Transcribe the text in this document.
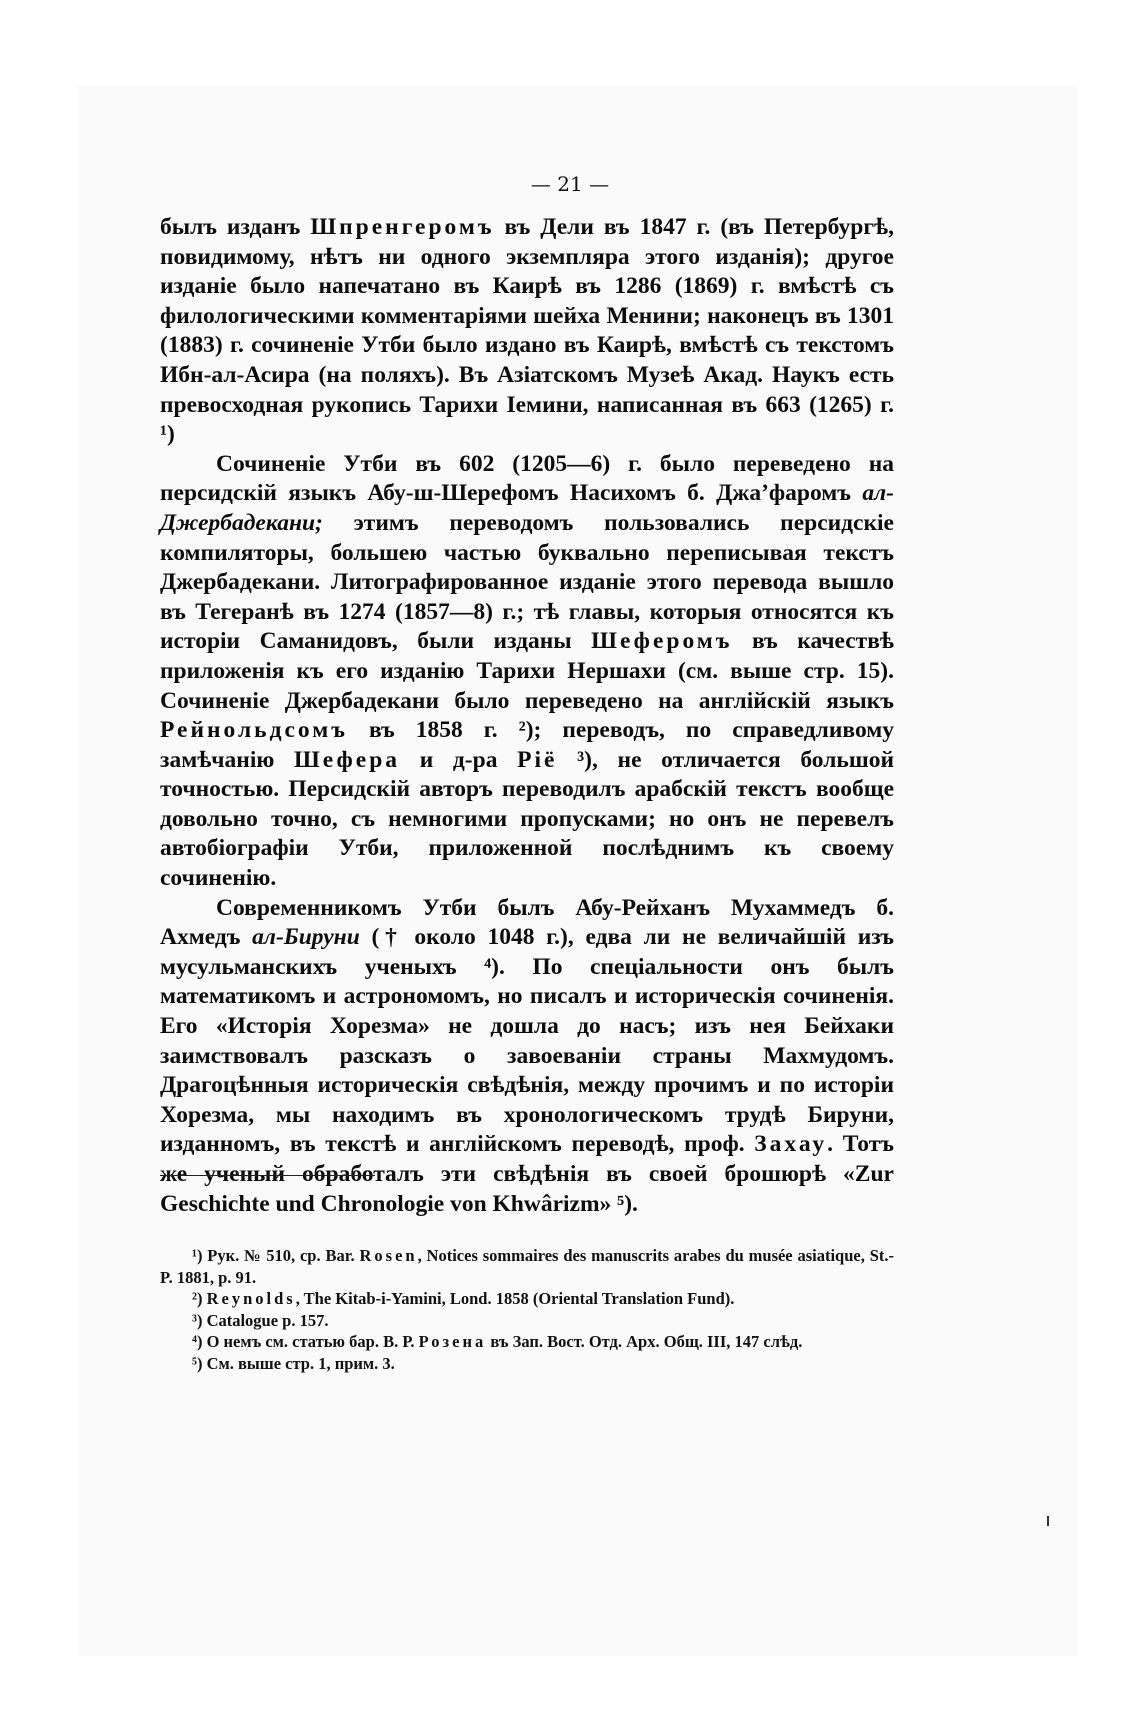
— 21 —

былъ изданъ Шпренгеромъ въ Дели въ 1847 г. (въ Петербургѣ, повидимому, нѣтъ ни одного экземпляра этого изданія); другое изданіе было напечатано въ Каирѣ въ 1286 (1869) г. вмѣстѣ съ филологическими комментаріями шейха Менини; наконецъ въ 1301 (1883) г. сочиненіе Утби было издано въ Каирѣ, вмѣстѣ съ текстомъ Ибн-ал-Асира (на поляхъ). Въ Азіатскомъ Музеѣ Акад. Наукъ есть превосходная рукопись Тарихи Іемини, написанная въ 663 (1265) г. ¹)

Сочиненіе Утби въ 602 (1205—6) г. было переведено на персидскій языкъ Абу-ш-Шерефомъ Насихомъ б. Джа’фаромъ ал-Джербадекани; этимъ переводомъ пользовались персидскіе компиляторы, большею частью буквально переписывая текстъ Джербадекани. Литографированное изданіе этого перевода вышло въ Тегеранѣ въ 1274 (1857—8) г.; тѣ главы, которыя относятся къ исторіи Саманидовъ, были изданы Шеферомъ въ качествѣ приложенія къ его изданію Тарихи Нершахи (см. выше стр. 15). Сочиненіе Джербадекани было переведено на англійскій языкъ Рейнольдсомъ въ 1858 г. ²); переводъ, по справедливому замѣчанію Шефера и д-ра Ріё ³), не отличается большой точностью. Персидскій авторъ переводилъ арабскій текстъ вообще довольно точно, съ немногими пропусками; но онъ не перевелъ автобіографіи Утби, приложенной послѣднимъ къ своему сочиненію.

Современникомъ Утби былъ Абу-Рейханъ Мухаммедъ б. Ахмедъ ал-Бируни († около 1048 г.), едва ли не величайшій изъ мусульманскихъ ученыхъ ⁴). По спеціальности онъ былъ математикомъ и астрономомъ, но писалъ и историческія сочиненія. Его «Исторія Хорезма» не дошла до насъ; изъ нея Бейхаки заимствовалъ разсказъ о завоеваніи страны Махмудомъ. Драгоцѣнныя историческія свѣдѣнія, между прочимъ и по исторіи Хорезма, мы находимъ въ хронологическомъ трудѣ Бируни, изданномъ, въ текстѣ и англійскомъ переводѣ, проф. Захау. Тотъ же ученый обработалъ эти свѣдѣнія въ своей брошюрѣ «Zur Geschichte und Chronologie von Khwârizm» ⁵).

¹) Рук. № 510, ср. Bar. Rosen, Notices sommaires des manuscrits arabes du musée asiatique, St.-P. 1881, p. 91.

²) Reynolds, The Kitab-i-Yamini, Lond. 1858 (Oriental Translation Fund).

³) Catalogue p. 157.

⁴) О немъ см. статью бар. В. Р. Розена въ Зап. Вост. Отд. Арх. Общ. III, 147 слѣд.

⁵) См. выше стр. 1, прим. 3.
